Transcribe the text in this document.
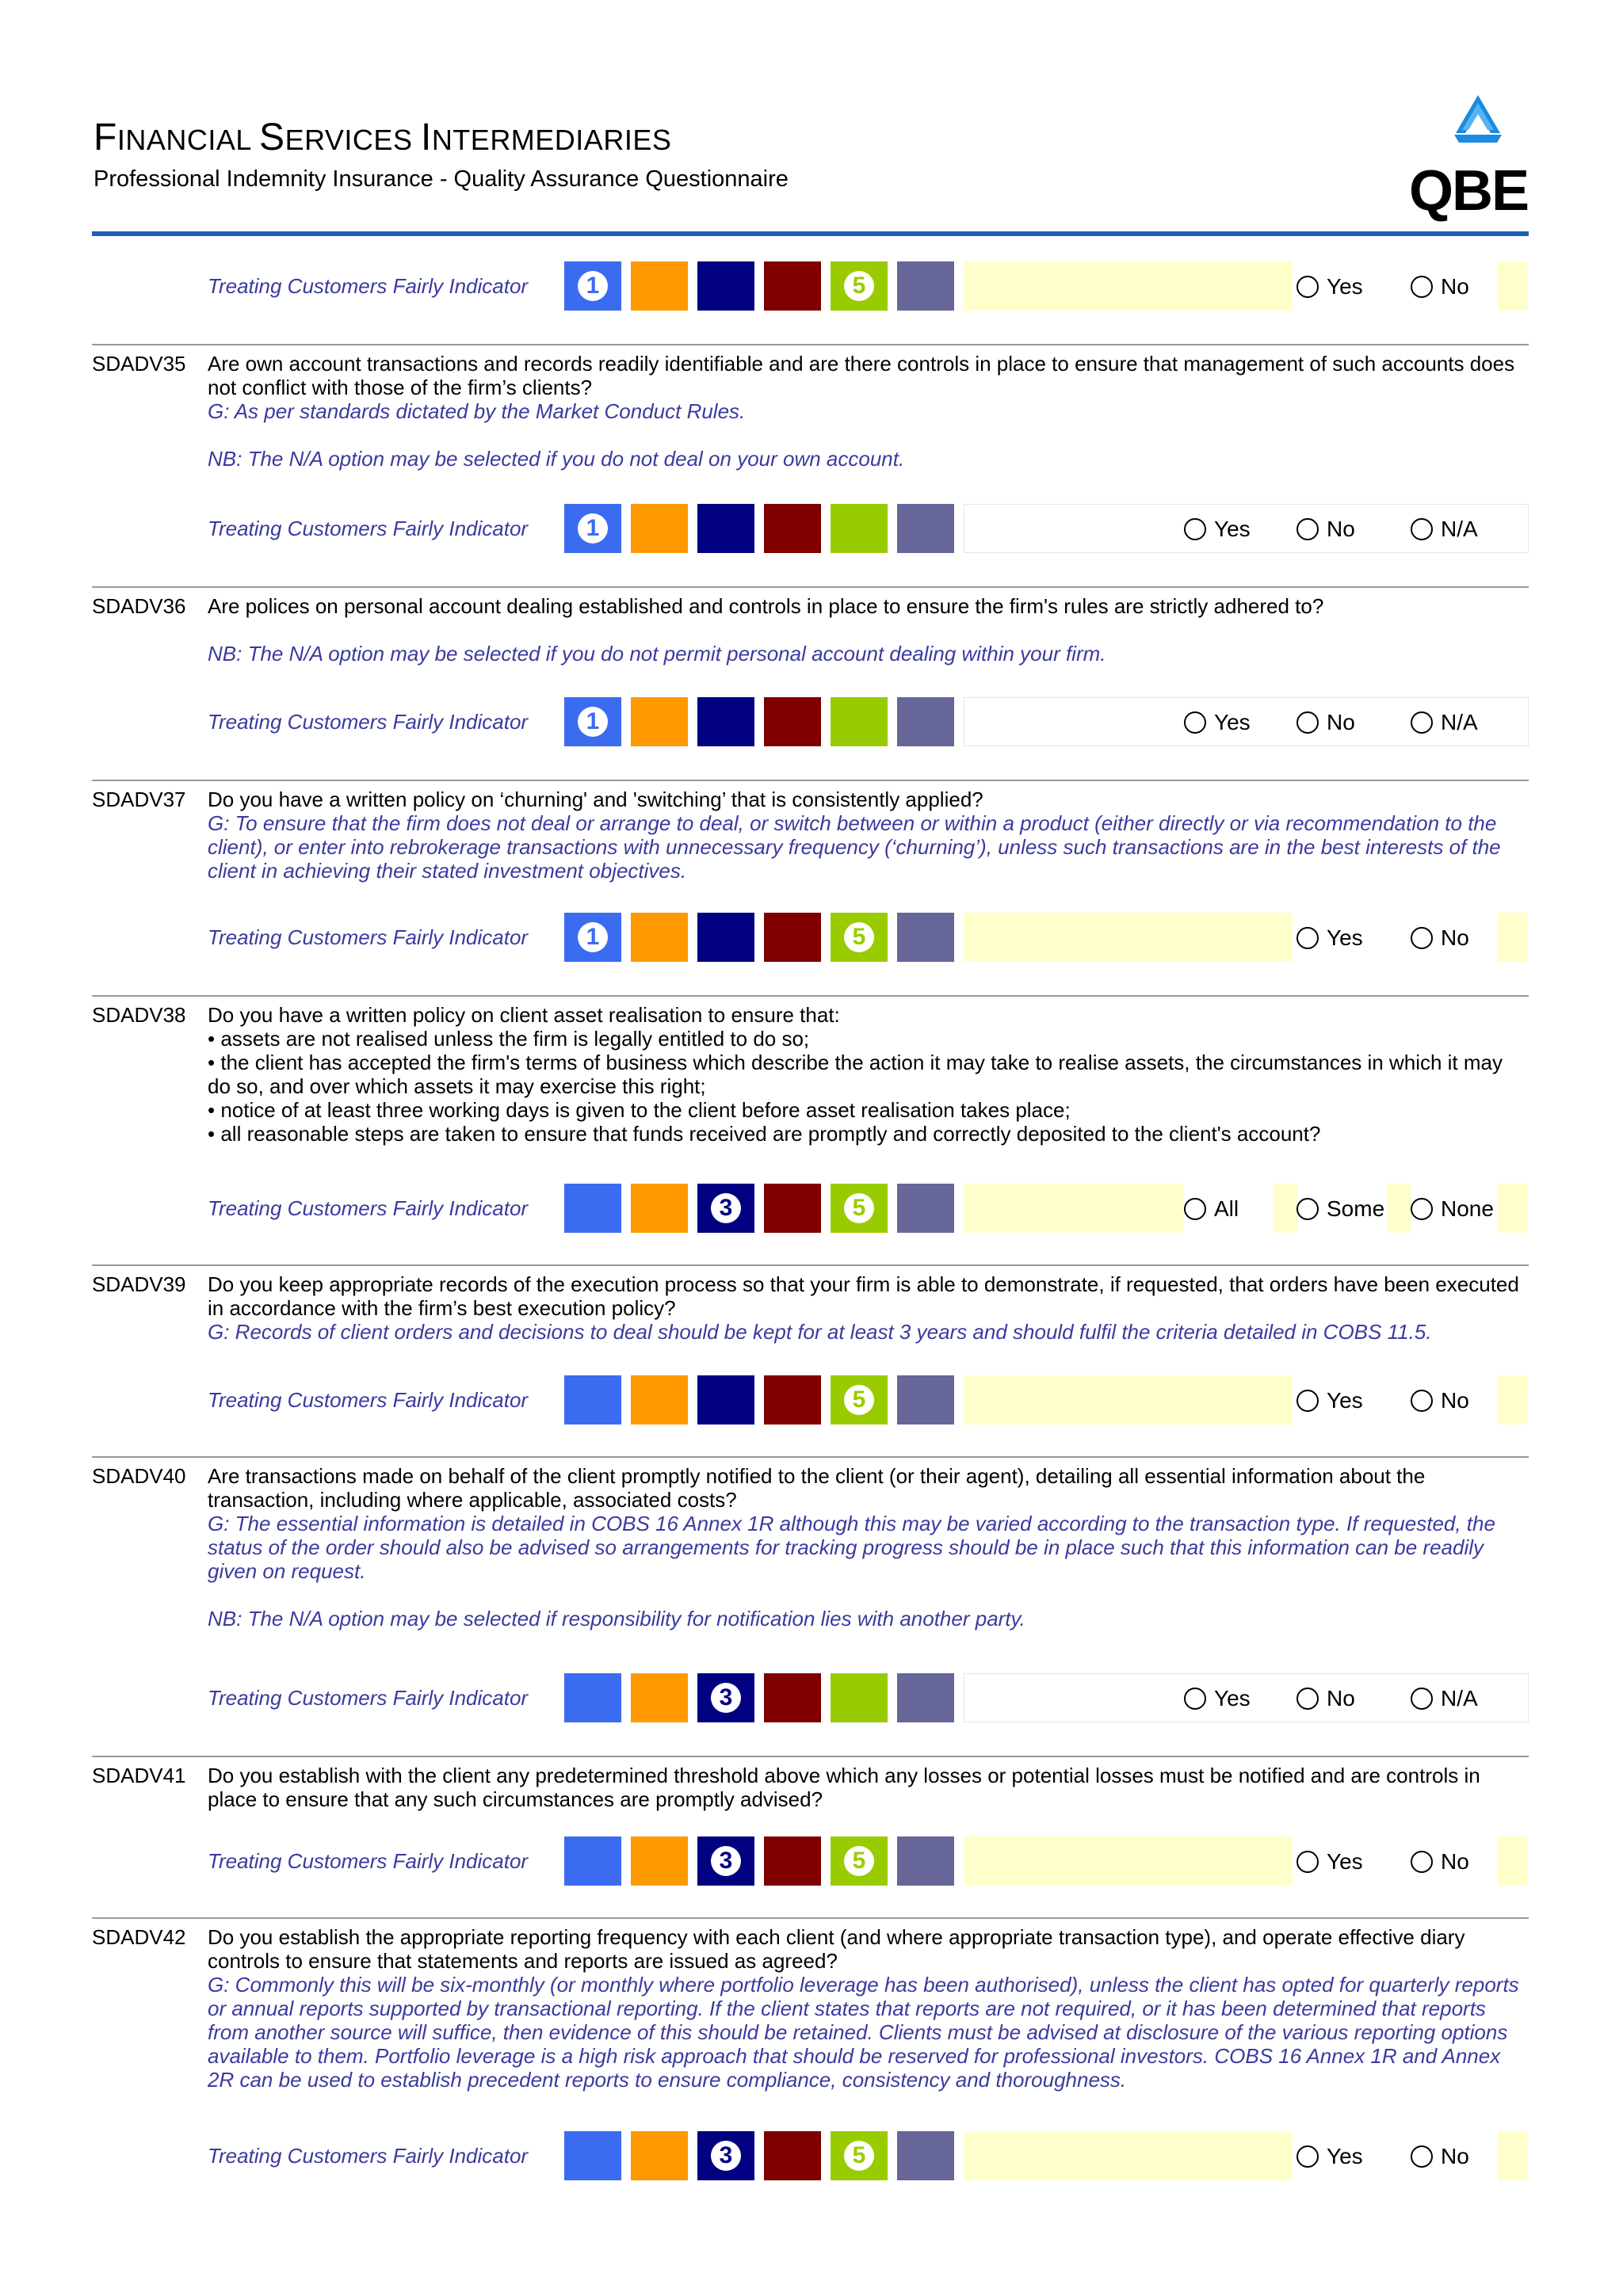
FINANCIAL SERVICES INTERMEDIARIES
Professional Indemnity Insurance - Quality Assurance Questionnaire	QBE
Treating Customers Fairly Indicator	1	5	Yes	No
SDADV35	Are own account transactions and records readily identifiable and are there controls in place to ensure that management of such accounts does not conflict with those of the firm’s clients?
G: As per standards dictated by the Market Conduct Rules.
NB: The N/A option may be selected if you do not deal on your own account.
Treating Customers Fairly Indicator	1	Yes	No	N/A
SDADV36	Are polices on personal account dealing established and controls in place to ensure the firm's rules are strictly adhered to?
NB: The N/A option may be selected if you do not permit personal account dealing within your firm.
Treating Customers Fairly Indicator	1	Yes	No	N/A
SDADV37	Do you have a written policy on ‘churning' and 'switching’ that is consistently applied?
G: To ensure that the firm does not deal or arrange to deal, or switch between or within a product (either directly or via recommendation to the client), or enter into rebrokerage transactions with unnecessary frequency (‘churning’), unless such transactions are in the best interests of the client in achieving their stated investment objectives.
Treating Customers Fairly Indicator	1	5	Yes	No
SDADV38	Do you have a written policy on client asset realisation to ensure that:
• assets are not realised unless the firm is legally entitled to do so;
• the client has accepted the firm's terms of business which describe the action it may take to realise assets, the circumstances in which it may do so, and over which assets it may exercise this right;
• notice of at least three working days is given to the client before asset realisation takes place;
• all reasonable steps are taken to ensure that funds received are promptly and correctly deposited to the client's account?
Treating Customers Fairly Indicator	3	5	All	Some	None
SDADV39	Do you keep appropriate records of the execution process so that your firm is able to demonstrate, if requested, that orders have been executed in accordance with the firm’s best execution policy?
G: Records of client orders and decisions to deal should be kept for at least 3 years and should fulfil the criteria detailed in COBS 11.5.
Treating Customers Fairly Indicator	5	Yes	No
SDADV40	Are transactions made on behalf of the client promptly notified to the client (or their agent), detailing all essential information about the transaction, including where applicable, associated costs?
G: The essential information is detailed in COBS 16 Annex 1R although this may be varied according to the transaction type. If requested, the status of the order should also be advised so arrangements for tracking progress should be in place such that this information can be readily given on request.
NB: The N/A option may be selected if responsibility for notification lies with another party.
Treating Customers Fairly Indicator	3	Yes	No	N/A
SDADV41	Do you establish with the client any predetermined threshold above which any losses or potential losses must be notified and are controls in place to ensure that any such circumstances are promptly advised?
Treating Customers Fairly Indicator	3	5	Yes	No
SDADV42	Do you establish the appropriate reporting frequency with each client (and where appropriate transaction type), and operate effective diary controls to ensure that statements and reports are issued as agreed?
G: Commonly this will be six-monthly (or monthly where portfolio leverage has been authorised), unless the client has opted for quarterly reports or annual reports supported by transactional reporting. If the client states that reports are not required, or it has been determined that reports from another source will suffice, then evidence of this should be retained. Clients must be advised at disclosure of the various reporting options available to them. Portfolio leverage is a high risk approach that should be reserved for professional investors. COBS 16 Annex 1R and Annex 2R can be used to establish precedent reports to ensure compliance, consistency and thoroughness.
Treating Customers Fairly Indicator	3	5	Yes	No
